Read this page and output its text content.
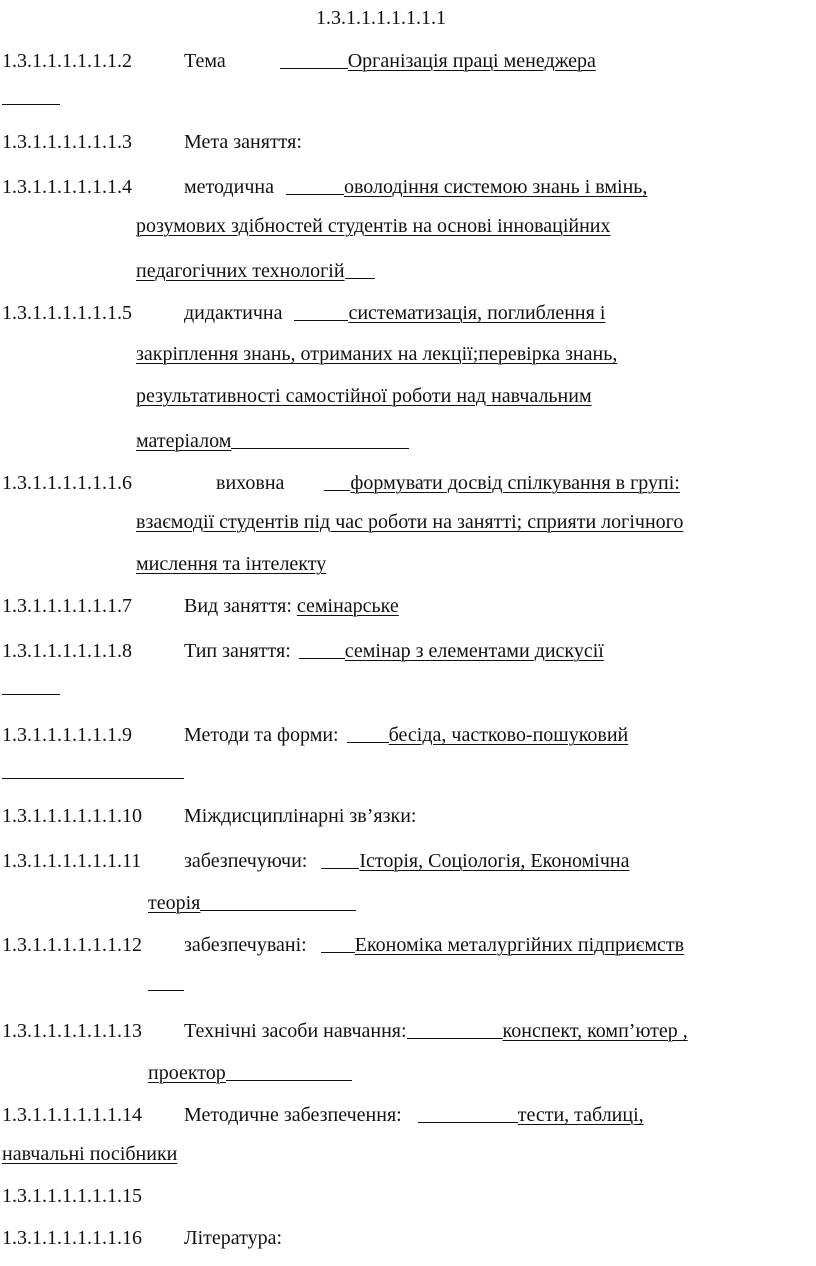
1.3.1.1.1.1.1.1.1
1.3.1.1.1.1.1.1.2	Тема	Організація праці менеджера
1.3.1.1.1.1.1.1.3	Мета заняття:
1.3.1.1.1.1.1.1.4	методична	оволодіння системою знань і вмінь,
розумових здібностей студентів на основі інноваційних
педагогічних технологій
1.3.1.1.1.1.1.1.5	дидактична	систематизація, поглиблення і
закріплення знань, отриманих на лекції;перевірка знань,
результативності самостійної роботи над навчальним
матеріалом
1.3.1.1.1.1.1.1.6	виховна	формувати досвід спілкування в групі:
взаємодії студентів під час роботи на занятті; сприяти логічного
мислення та інтелекту
1.3.1.1.1.1.1.1.7	Вид заняття: семінарське
1.3.1.1.1.1.1.1.8	Тип заняття:	семінар з елементами дискусії
1.3.1.1.1.1.1.1.9	Методи та форми:	бесіда, частково-пошуковий
1.3.1.1.1.1.1.1.10 Міждисциплінарні зв’язки:
1.3.1.1.1.1.1.1.11 забезпечуючи:	Історія, Соціологія, Економічна
теорія
1.3.1.1.1.1.1.1.12 забезпечувані: Економіка металургійних підприємств
1.3.1.1.1.1.1.1.13 Технічні засоби навчання:	конспект, комп’ютер ,
проектор
1.3.1.1.1.1.1.1.14 Методичне забезпечення:	тести, таблиці,
навчальні посібники
1.3.1.1.1.1.1.1.15
1.3.1.1.1.1.1.1.16 Література:
